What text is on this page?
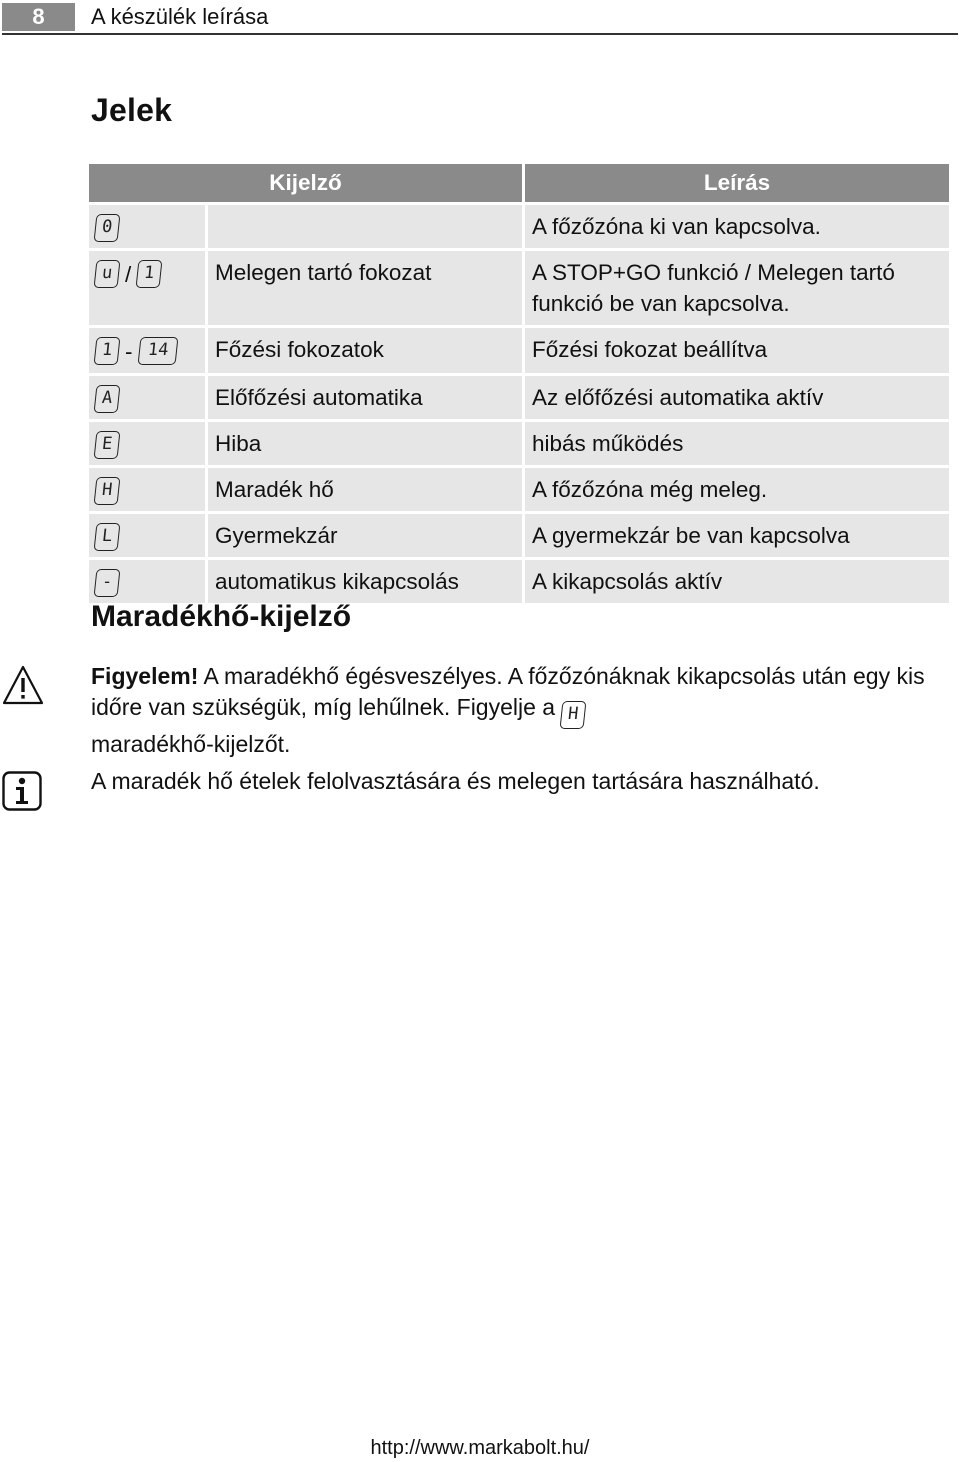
8	A készülék leírása
Jelek
Kijelző		Leírás
0		A főzőzóna ki van kapcsolva.
u / 1	Melegen tartó fokozat	A STOP+GO funkció / Melegen tartó funkció be van kapcsolva.
1 - 14	Főzési fokozatok	Főzési fokozat beállítva
A	Előfőzési automatika	Az előfőzési automatika aktív
E	Hiba	hibás működés
H	Maradék hő	A főzőzóna még meleg.
L	Gyermekzár	A gyermekzár be van kapcsolva
-	automatikus kikapcsolás	A kikapcsolás aktív
Maradékhő-kijelző
Figyelem! A maradékhő égésveszélyes. A főzőzónáknak kikapcsolás után egy kis időre van szükségük, míg lehűlnek. Figyelje a H
maradékhő-kijelzőt.
A maradék hő ételek felolvasztására és melegen tartására használható.
http://www.markabolt.hu/
